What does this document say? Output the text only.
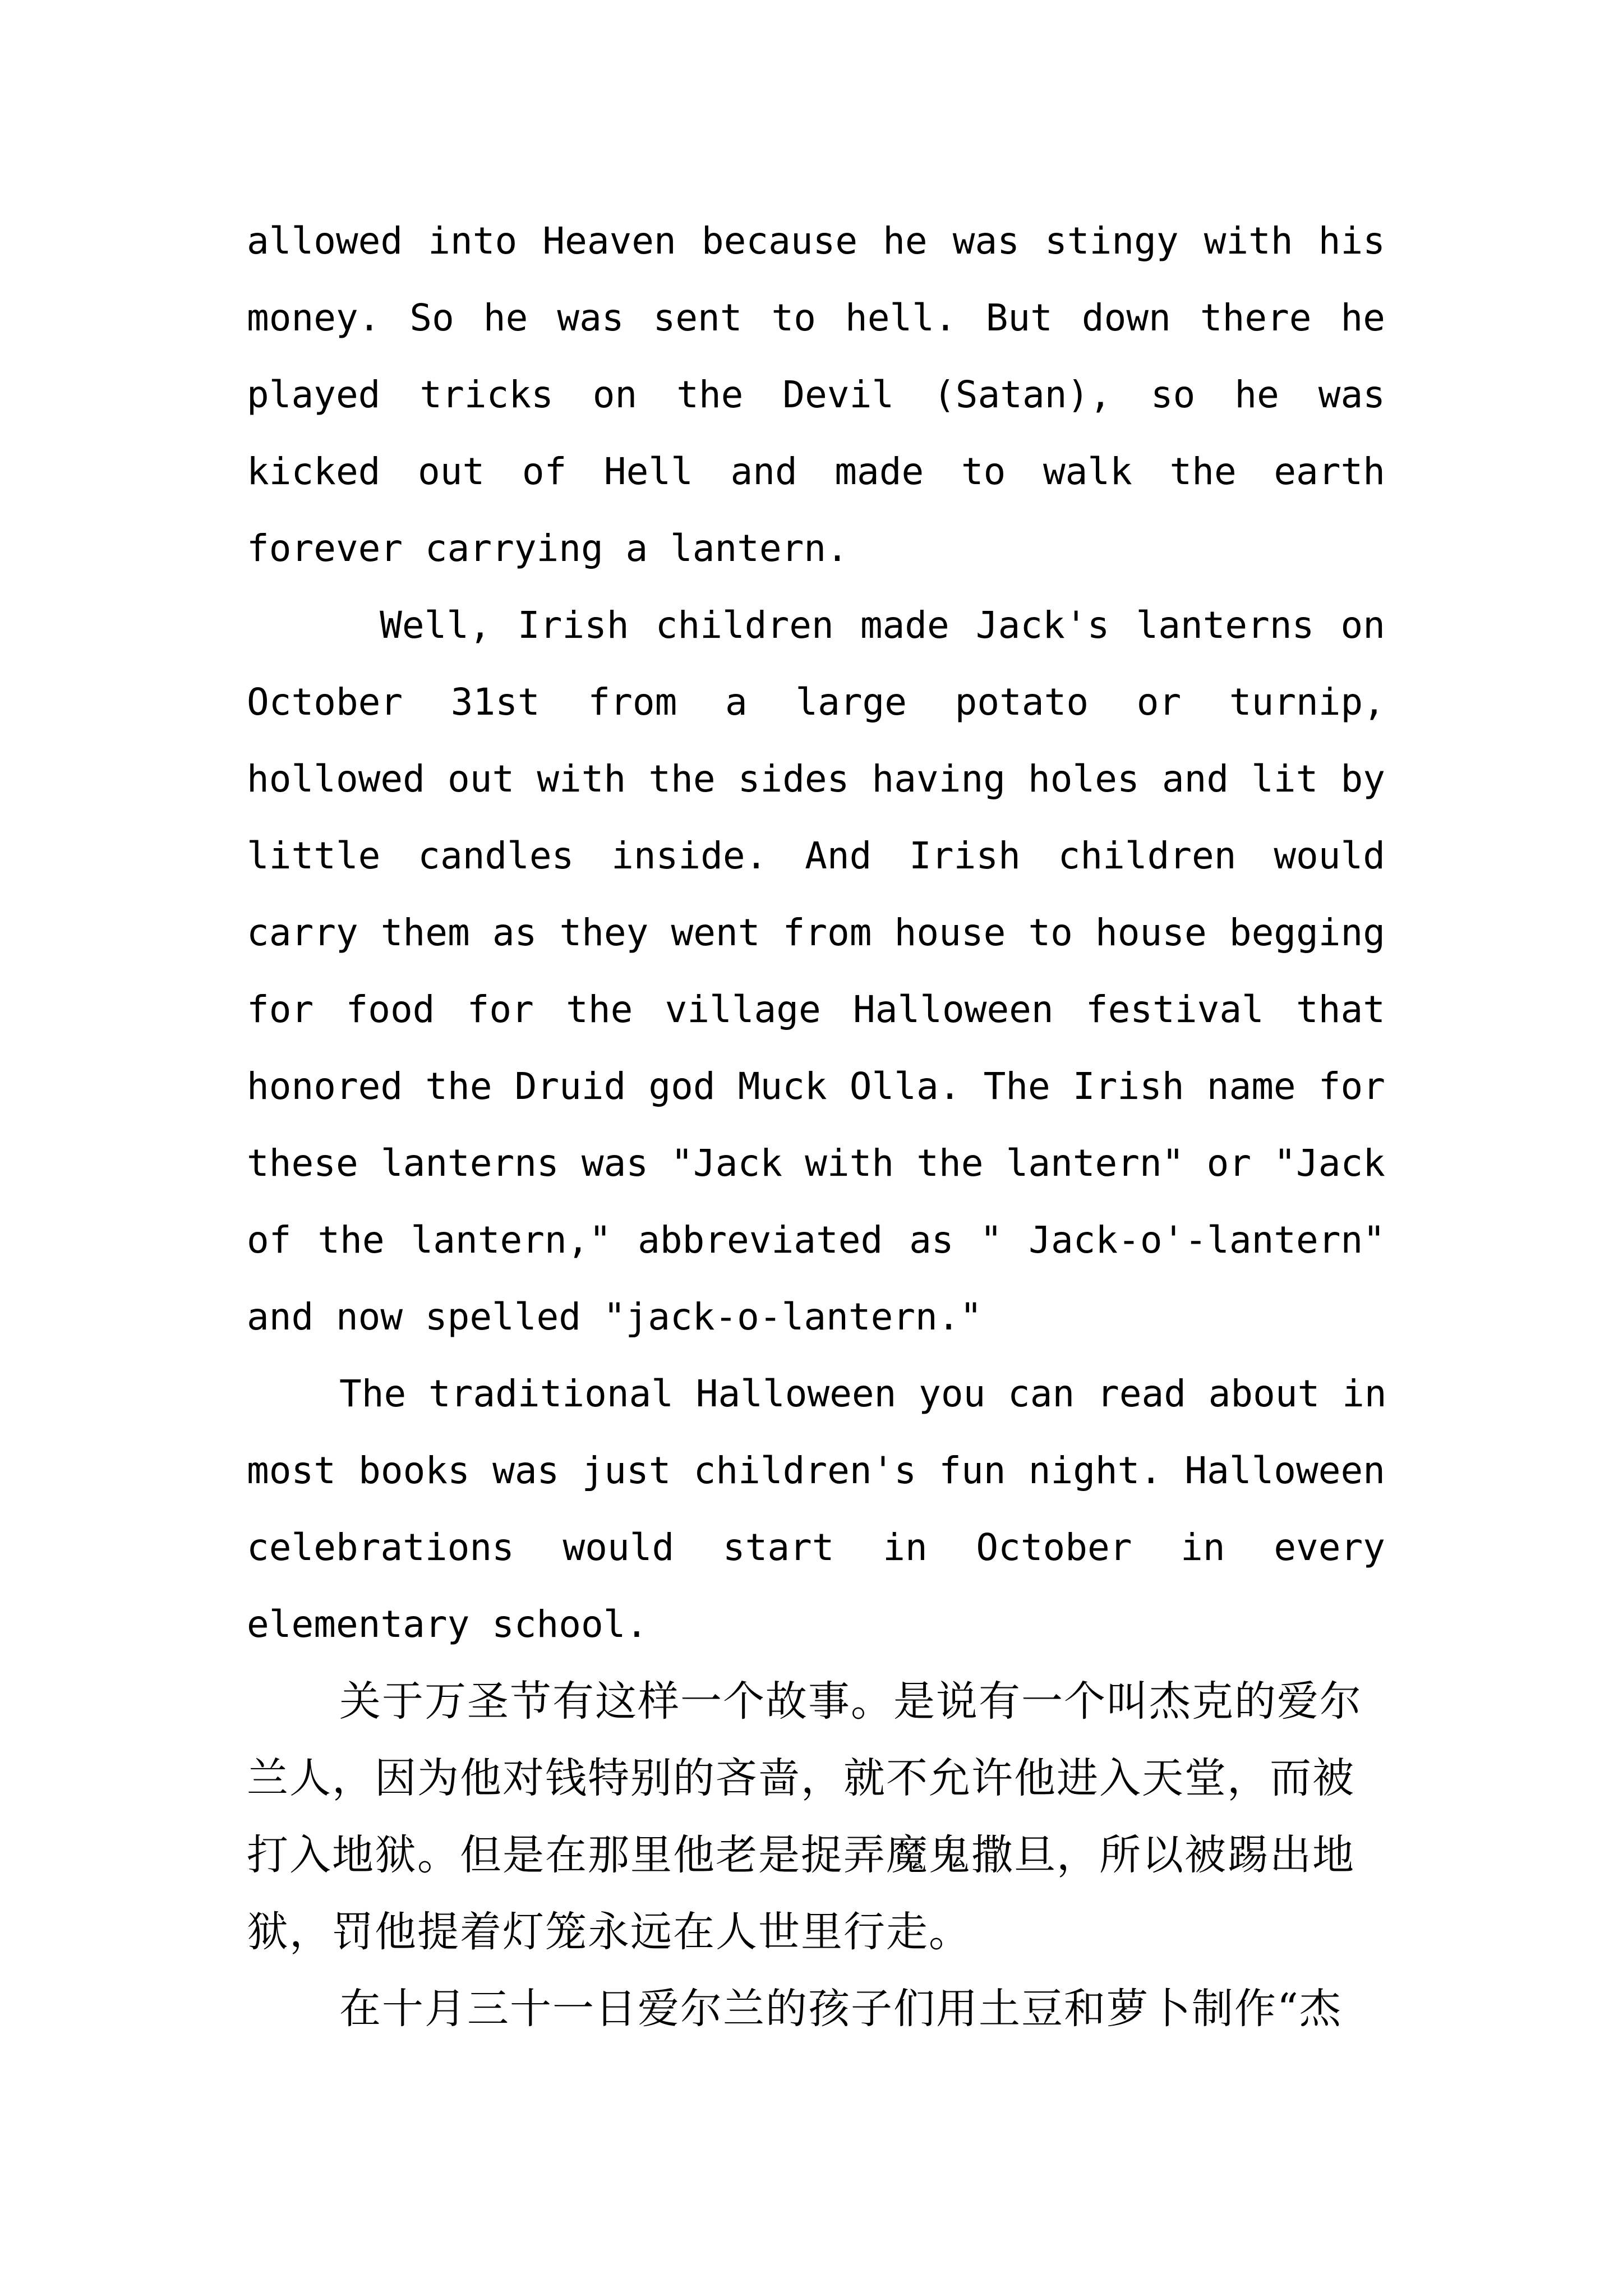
allowed into Heaven because he was stingy with his
money. So he was sent to hell. But down there he
played tricks on the Devil (Satan), so he was
kicked out of Hell and made to walk the earth
forever carrying a lantern.
Well, Irish children made Jack's lanterns on
October 31st from a large potato or turnip,
hollowed out with the sides having holes and lit by
little candles inside. And Irish children would
carry them as they went from house to house begging
for food for the village Halloween festival that
honored the Druid god Muck Olla. The Irish name for
these lanterns was "Jack with the lantern" or "Jack
of the lantern," abbreviated as " Jack-o'-lantern"
and now spelled "jack-o-lantern."
The traditional Halloween you can read about in
most books was just children's fun night. Halloween
celebrations would start in October in every
elementary school.
关于万圣节有这样一个故事。是说有一个叫杰克的爱尔
兰人，因为他对钱特别的吝啬，就不允许他进入天堂，而被
打入地狱。但是在那里他老是捉弄魔鬼撒旦，所以被踢出地
狱，罚他提着灯笼永远在人世里行走。
在十月三十一日爱尔兰的孩子们用土豆和萝卜制作“杰
